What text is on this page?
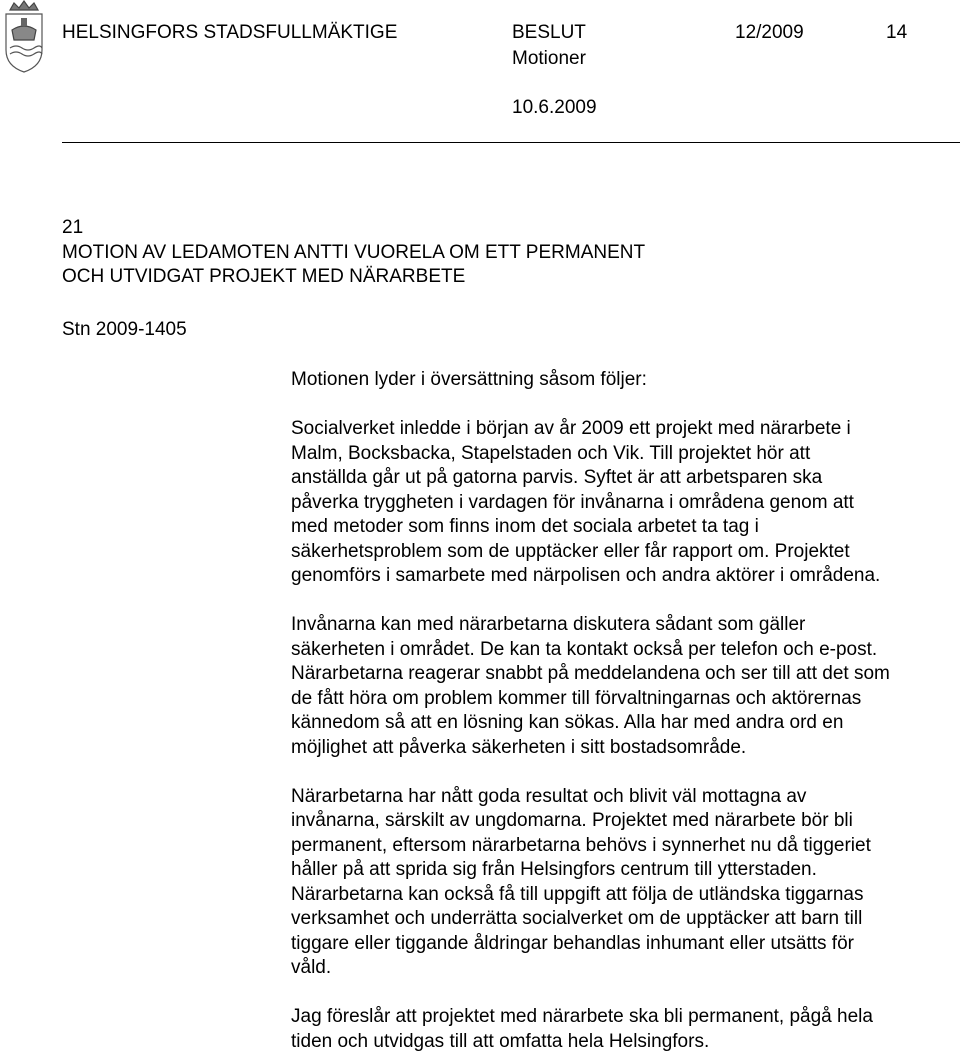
HELSINGFORS STADSFULLMÄKTIGE	BESLUT	12/2009	14
Motioner
10.6.2009
21
MOTION AV LEDAMOTEN ANTTI VUORELA OM ETT PERMANENT
OCH UTVIDGAT PROJEKT MED NÄRARBETE
Stn 2009-1405

Motionen lyder i översättning såsom följer:

Socialverket inledde i början av år 2009 ett projekt med närarbete i

Malm, Bocksbacka, Stapelstaden och Vik. Till projektet hör att

anställda går ut på gatorna parvis. Syftet är att arbetsparen ska

påverka tryggheten i vardagen för invånarna i områdena genom att

med metoder som finns inom det sociala arbetet ta tag i

säkerhetsproblem som de upptäcker eller får rapport om. Projektet

genomförs i samarbete med närpolisen och andra aktörer i områdena.

Invånarna kan med närarbetarna diskutera sådant som gäller

säkerheten i området. De kan ta kontakt också per telefon och e-post.

Närarbetarna reagerar snabbt på meddelandena och ser till att det som

de fått höra om problem kommer till förvaltningarnas och aktörernas

kännedom så att en lösning kan sökas. Alla har med andra ord en

möjlighet att påverka säkerheten i sitt bostadsområde.

Närarbetarna har nått goda resultat och blivit väl mottagna av

invånarna, särskilt av ungdomarna. Projektet med närarbete bör bli

permanent, eftersom närarbetarna behövs i synnerhet nu då tiggeriet

håller på att sprida sig från Helsingfors centrum till ytterstaden.

Närarbetarna kan också få till uppgift att följa de utländska tiggarnas

verksamhet och underrätta socialverket om de upptäcker att barn till

tiggare eller tiggande åldringar behandlas inhumant eller utsätts för

våld.

Jag föreslår att projektet med närarbete ska bli permanent, pågå hela

tiden och utvidgas till att omfatta hela Helsingfors.
